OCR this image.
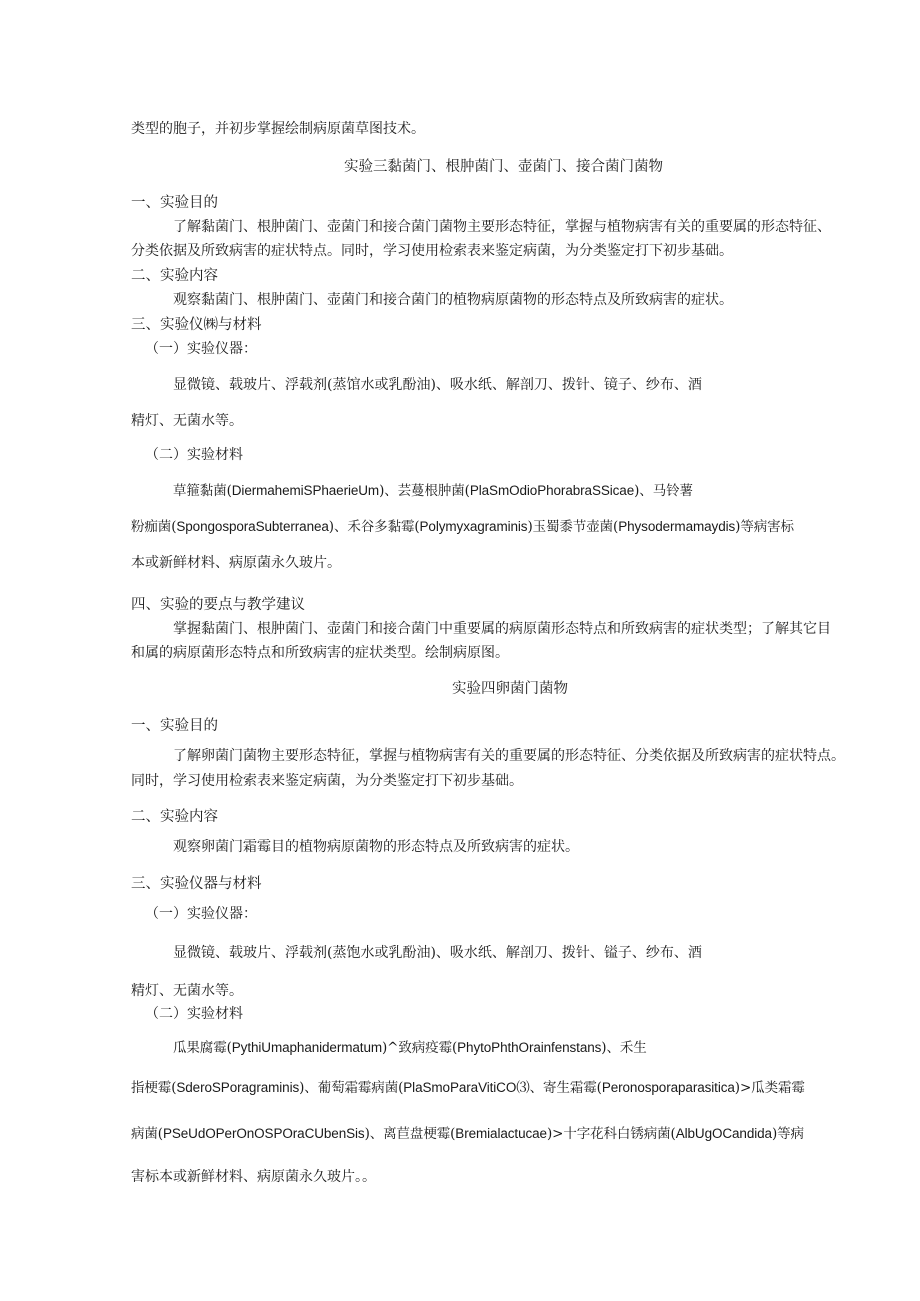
类型的胞子，并初步掌握绘制病原菌草图技术。
实验三黏菌门、根肿菌门、壶菌门、接合菌门菌物
一、实验目的
了解黏菌门、根肿菌门、壶菌门和接合菌门菌物主要形态特征，掌握与植物病害有关的重要属的形态特征、
分类依据及所致病害的症状特点。同时，学习使用检索表来鉴定病菌，为分类鉴定打下初步基础。
二、实验内容
观察黏菌门、根肿菌门、壶菌门和接合菌门的植物病原菌物的形态特点及所致病害的症状。
三、实验仪㈱与材料
（一）实验仪器：
显微镜、载玻片、浮载剂(蒸馆水或乳酚油)、吸水纸、解剖刀、拨针、镜子、纱布、酒
精灯、无菌水等。
（二）实验材料
草箍黏菌(DiermahemiSPhaerieUm)、芸蔓根肿菌(PlaSmOdioPhorabraSSicae)、马铃薯
粉痂菌(SpongosporaSubterranea)、禾谷多黏霉(Polymyxagraminis)玉蜀黍节壶菌(Physodermamaydis)等病害标
本或新鲜材料、病原菌永久玻片。
四、实验的要点与教学建议
掌握黏菌门、根肿菌门、壶菌门和接合菌门中重要属的病原菌形态特点和所致病害的症状类型；了解其它目
和属的病原菌形态特点和所致病害的症状类型。绘制病原图。
实验四卵菌门菌物
一、实验目的
了解卵菌门菌物主要形态特征，掌握与植物病害有关的重要属的形态特征、分类依据及所致病害的症状特点。
同时，学习使用检索表来鉴定病菌，为分类鉴定打下初步基础。
二、实验内容
观察卵菌门霜霉目的植物病原菌物的形态特点及所致病害的症状。
三、实验仪器与材料
（一）实验仪器：
显微镜、载玻片、浮载剂(蒸饱水或乳酚油)、吸水纸、解剖刀、拨针、镒子、纱布、酒
精灯、无菌水等。
（二）实验材料
瓜果腐霉(PythiUmaphanidermatum)^致病疫霉(PhytoPhthOrainfenstans)、禾生
指梗霉(SderoSPoragraminis)、葡萄霜霉病菌(PlaSmoParaVitiCO⑶、寄生霜霉(Peronosporaparasitica)>瓜类霜霉
病菌(PSeUdOPerOnOSPOraCUbenSis)、离苣盘梗霉(Bremialactucae)>十字花科白锈病菌(AlbUgOCandida)等病
害标本或新鲜材料、病原菌永久玻片。。
